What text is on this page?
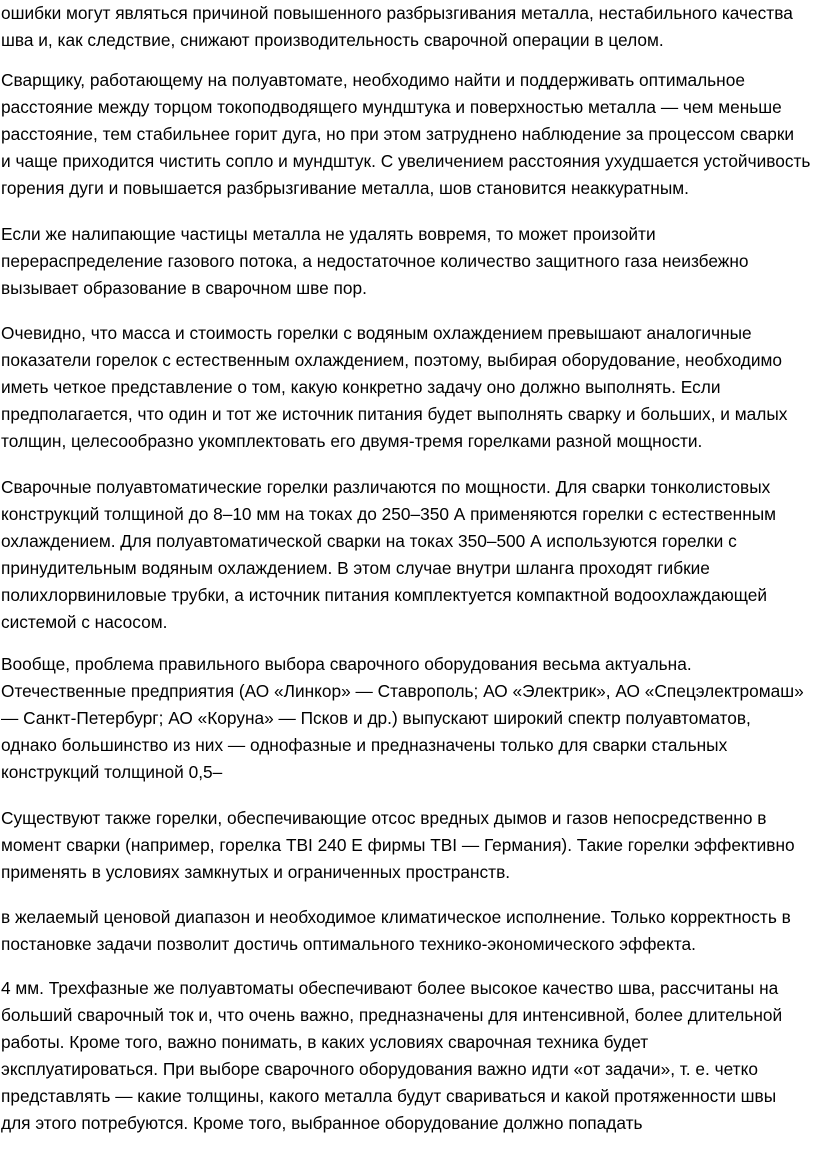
ошибки могут являться причиной повышенного разбрызгивания металла, нестабильного качества
шва и, как следствие, снижают производительность сварочной операции в целом.
Сварщику, работающему на полуавтомате, необходимо найти и поддерживать оптимальное
расстояние между торцом токоподводящего мундштука и поверхностью металла — чем меньше
расстояние, тем стабильнее горит дуга, но при этом затруднено наблюдение за процессом сварки
и чаще приходится чистить сопло и мундштук. С увеличением расстояния ухудшается устойчивость
горения дуги и повышается разбрызгивание металла, шов становится неаккуратным.
Если же налипающие частицы металла не удалять вовремя, то может произойти
перераспределение газового потока, а недостаточное количество защитного газа неизбежно
вызывает образование в сварочном шве пор.
Очевидно, что масса и стоимость горелки с водяным охлаждением превышают аналогичные
показатели горелок с естественным охлаждением, поэтому, выбирая оборудование, необходимо
иметь четкое представление о том, какую конкретно задачу оно должно выполнять. Если
предполагается, что один и тот же источник питания будет выполнять сварку и больших, и малых
толщин, целесообразно укомплектовать его двумя-тремя горелками разной мощности.
Сварочные полуавтоматические горелки различаются по мощности. Для сварки тонколистовых
конструкций толщиной до 8–10 мм на токах до 250–350 А применяются горелки с естественным
охлаждением. Для полуавтоматической сварки на токах 350–500 А используются горелки с
принудительным водяным охлаждением. В этом случае внутри шланга проходят гибкие
полихлорвиниловые трубки, а источник питания комплектуется компактной водоохлаждающей
системой с насосом.
Вообще, проблема правильного выбора сварочного оборудования весьма актуальна.
Отечественные предприятия (АО «Линкор» — Ставрополь; АО «Электрик», АО «Спецэлектромаш»
— Санкт-Петербург; АО «Коруна» — Псков и др.) выпускают широкий спектр полуавтоматов,
однако большинство из них — однофазные и предназначены только для сварки стальных
конструкций толщиной 0,5–
Существуют также горелки, обеспечивающие отсос вредных дымов и газов непосредственно в
момент сварки (например, горелка TBI 240 E фирмы TBI — Германия). Такие горелки эффективно
применять в условиях замкнутых и ограниченных пространств.
в желаемый ценовой диапазон и необходимое климатическое исполнение. Только корректность в
постановке задачи позволит достичь оптимального технико-экономического эффекта.
4 мм. Трехфазные же полуавтоматы обеспечивают более высокое качество шва, рассчитаны на
больший сварочный ток и, что очень важно, предназначены для интенсивной, более длительной
работы. Кроме того, важно понимать, в каких условиях сварочная техника будет
эксплуатироваться. При выборе сварочного оборудования важно идти «от задачи», т. е. четко
представлять — какие толщины, какого металла будут свариваться и какой протяженности швы
для этого потребуются. Кроме того, выбранное оборудование должно попадать
